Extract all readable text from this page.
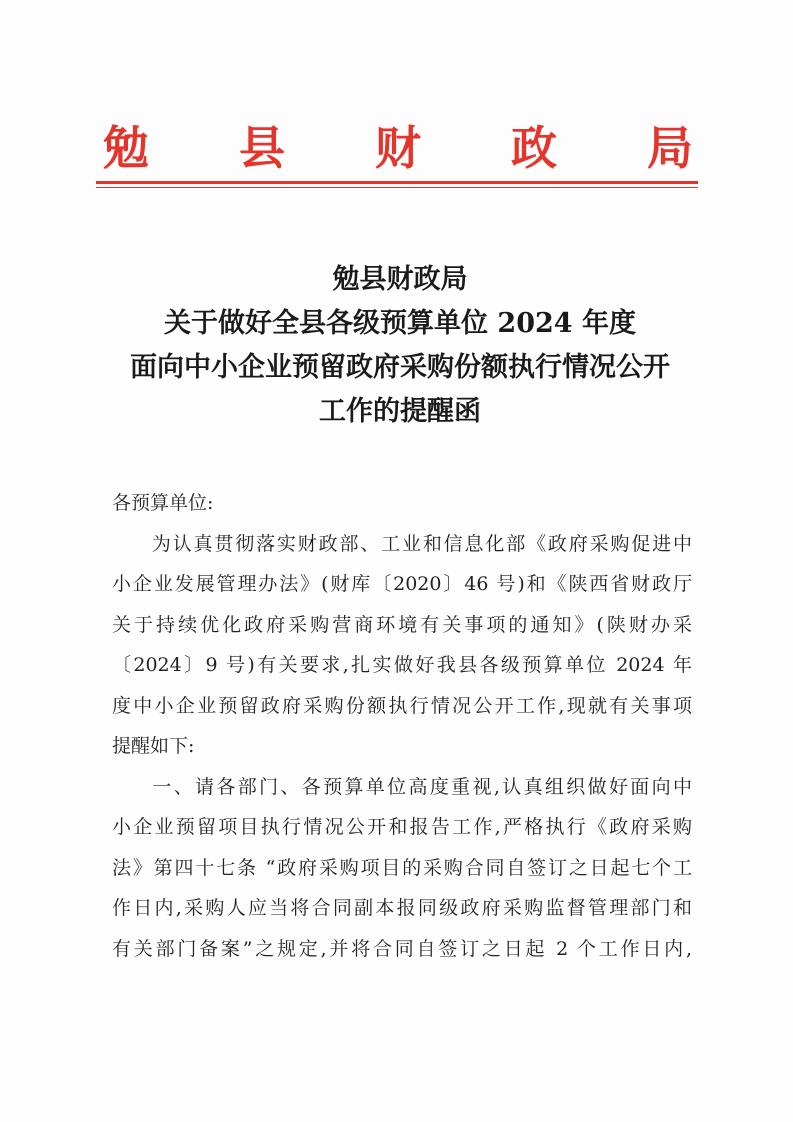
勉 县 财 政 局
勉县财政局
关于做好全县各级预算单位 2024 年度
面向中小企业预留政府采购份额执行情况公开
工作的提醒函
各预算单位:
为认真贯彻落实财政部、工业和信息化部《政府采购促进中
小企业发展管理办法》(财库〔2020〕46 号)和《陕西省财政厅
关于持续优化政府采购营商环境有关事项的通知》(陕财办采
〔2024〕9 号)有关要求,扎实做好我县各级预算单位 2024 年
度中小企业预留政府采购份额执行情况公开工作,现就有关事项
提醒如下:
一、请各部门、各预算单位高度重视,认真组织做好面向中
小企业预留项目执行情况公开和报告工作,严格执行《政府采购
法》第四十七条 “政府采购项目的采购合同自签订之日起七个工
作日内,采购人应当将合同副本报同级政府采购监督管理部门和
有关部门备案”之规定,并将合同自签订之日起 2 个工作日内,
